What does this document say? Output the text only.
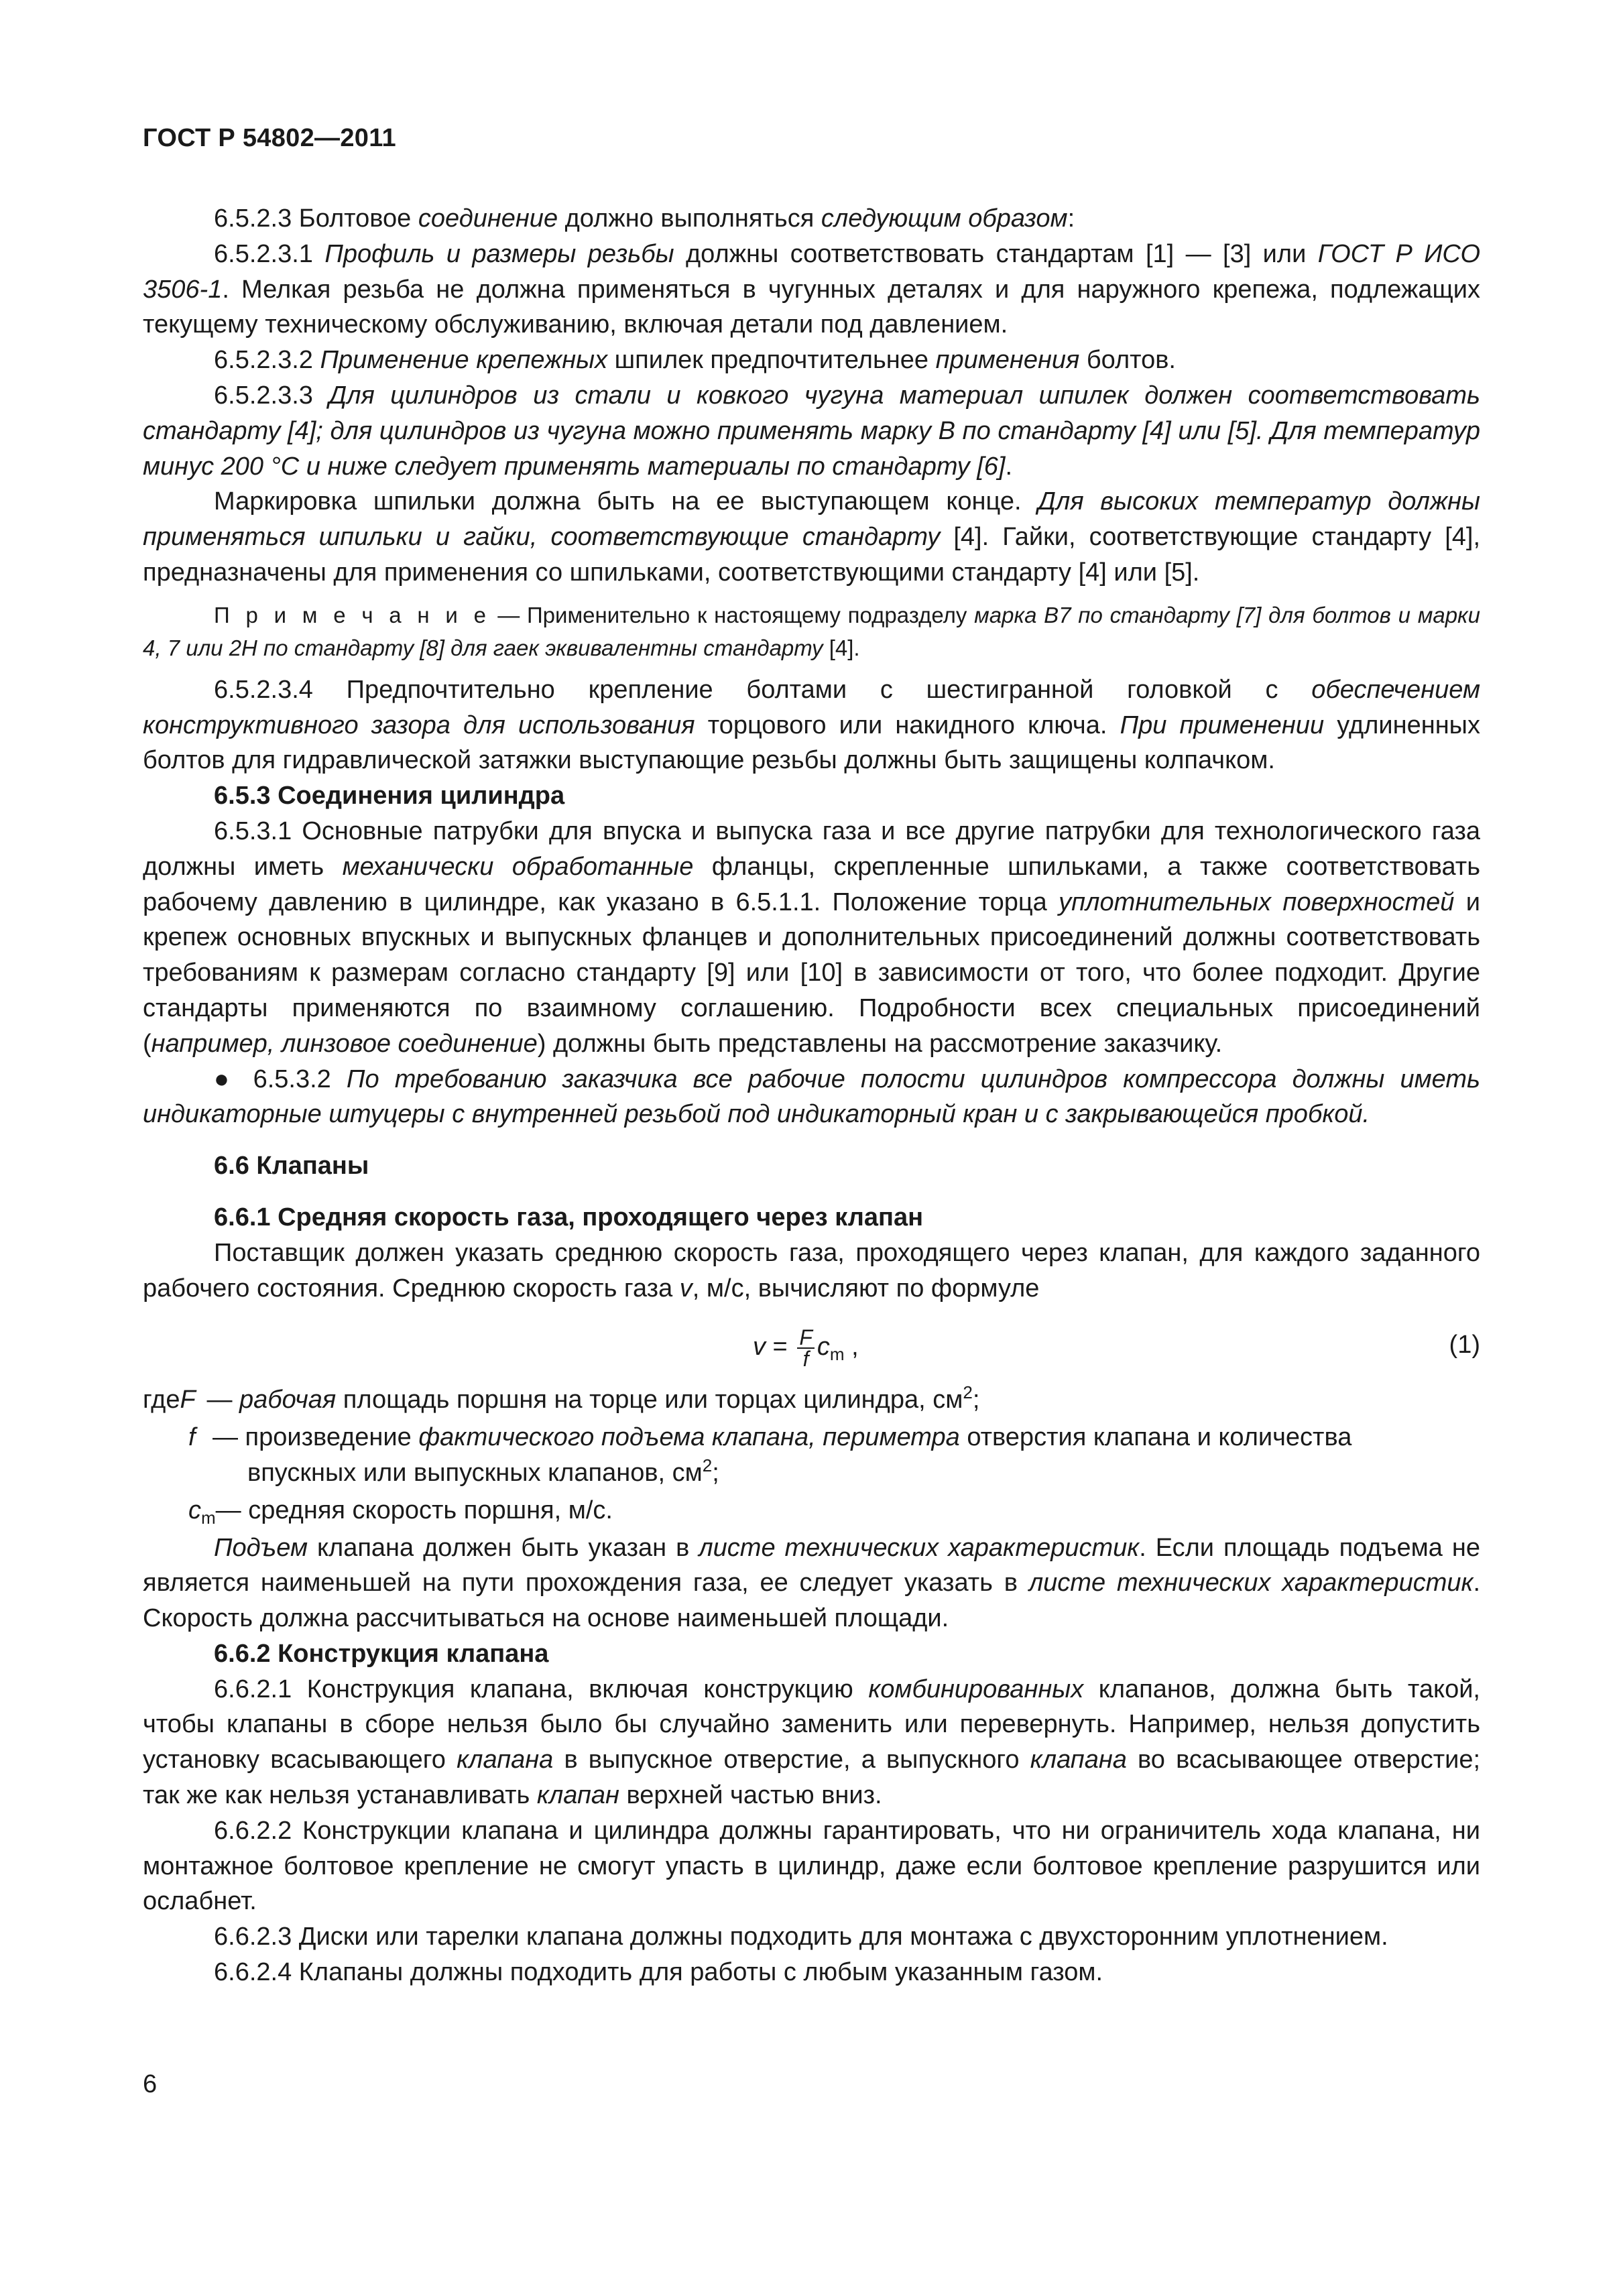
ГОСТ Р 54802—2011

6.5.2.3 Болтовое соединение должно выполняться следующим образом:

6.5.2.3.1 Профиль и размеры резьбы должны соответствовать стандартам [1] — [3] или ГОСТ Р ИСО 3506-1. Мелкая резьба не должна применяться в чугунных деталях и для наружного крепежа, подлежащих текущему техническому обслуживанию, включая детали под давлением.

6.5.2.3.2 Применение крепежных шпилек предпочтительнее применения болтов.

6.5.2.3.3 Для цилиндров из стали и ковкого чугуна материал шпилек должен соответствовать стандарту [4]; для цилиндров из чугуна можно применять марку В по стандарту [4] или [5]. Для температур минус 200 °С и ниже следует применять материалы по стандарту [6].

Маркировка шпильки должна быть на ее выступающем конце. Для высоких температур должны применяться шпильки и гайки, соответствующие стандарту [4]. Гайки, соответствующие стандарту [4], предназначены для применения со шпильками, соответствующими стандарту [4] или [5].

П р и м е ч а н и е — Применительно к настоящему подразделу марка В7 по стандарту [7] для болтов и марки 4, 7 или 2Н по стандарту [8] для гаек эквивалентны стандарту [4].

6.5.2.3.4 Предпочтительно крепление болтами с шестигранной головкой с обеспечением конструктивного зазора для использования торцового или накидного ключа. При применении удлиненных болтов для гидравлической затяжки выступающие резьбы должны быть защищены колпачком.

6.5.3 Соединения цилиндра

6.5.3.1 Основные патрубки для впуска и выпуска газа и все другие патрубки для технологического газа должны иметь механически обработанные фланцы, скрепленные шпильками, а также соответствовать рабочему давлению в цилиндре, как указано в 6.5.1.1. Положение торца уплотнительных поверхностей и крепеж основных впускных и выпускных фланцев и дополнительных присоединений должны соответствовать требованиям к размерам согласно стандарту [9] или [10] в зависимости от того, что более подходит. Другие стандарты применяются по взаимному соглашению. Подробности всех специальных присоединений (например, линзовое соединение) должны быть представлены на рассмотрение заказчику.

● 6.5.3.2 По требованию заказчика все рабочие полости цилиндров компрессора должны иметь индикаторные штуцеры с внутренней резьбой под индикаторный кран и с закрывающейся пробкой.

6.6 Клапаны

6.6.1 Средняя скорость газа, проходящего через клапан

Поставщик должен указать среднюю скорость газа, проходящего через клапан, для каждого заданного рабочего состояния. Среднюю скорость газа v, м/с, вычисляют по формуле

$v = \frac{F}{f} c_m$ ,	(1)
где F — рабочая площадь поршня на торце или торцах цилиндра, $см^2$;
f — произведение фактического подъема клапана, периметра отверстия клапана и количества
впускных или выпускных клапанов, $см^2$;
$c_m$ — средняя скорость поршня, м/с.

Подъем клапана должен быть указан в листе технических характеристик. Если площадь подъема не является наименьшей на пути прохождения газа, ее следует указать в листе технических характеристик. Скорость должна рассчитываться на основе наименьшей площади.

6.6.2 Конструкция клапана

6.6.2.1 Конструкция клапана, включая конструкцию комбинированных клапанов, должна быть такой, чтобы клапаны в сборе нельзя было бы случайно заменить или перевернуть. Например, нельзя допустить установку всасывающего клапана в выпускное отверстие, а выпускного клапана во всасывающее отверстие; так же как нельзя устанавливать клапан верхней частью вниз.

6.6.2.2 Конструкции клапана и цилиндра должны гарантировать, что ни ограничитель хода клапана, ни монтажное болтовое крепление не смогут упасть в цилиндр, даже если болтовое крепление разрушится или ослабнет.

6.6.2.3 Диски или тарелки клапана должны подходить для монтажа с двухсторонним уплотнением.

6.6.2.4 Клапаны должны подходить для работы с любым указанным газом.

6
